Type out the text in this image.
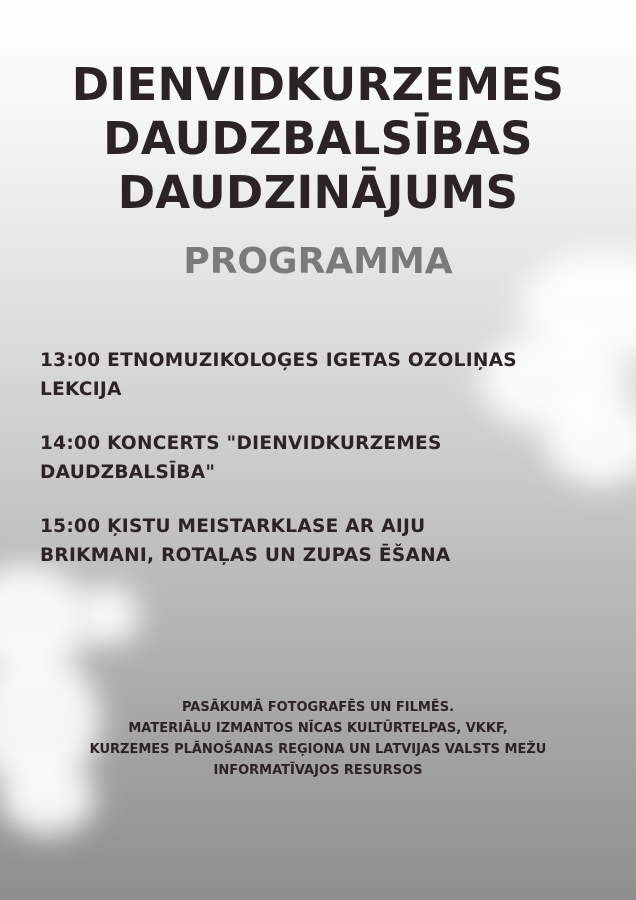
DIENVIDKURZEMES
DAUDZBALSĪBAS
DAUDZINĀJUMS
PROGRAMMA
13:00 ETNOMUZIKOLOĢES IGETAS OZOLIŅAS
LEKCIJA
14:00 KONCERTS "DIENVIDKURZEMES
DAUDZBALSĪBA"
15:00 ĶISTU MEISTARKLASE AR AIJU
BRIKMANI, ROTAĻAS UN ZUPAS ĒŠANA
PASĀKUMĀ FOTOGRAFĒS UN FILMĒS.
MATERIĀLU IZMANTOS NĪCAS KULTŪRTELPAS, VKKF,
KURZEMES PLĀNOŠANAS REĢIONA UN LATVIJAS VALSTS MEŽU
INFORMATĪVAJOS RESURSOS
